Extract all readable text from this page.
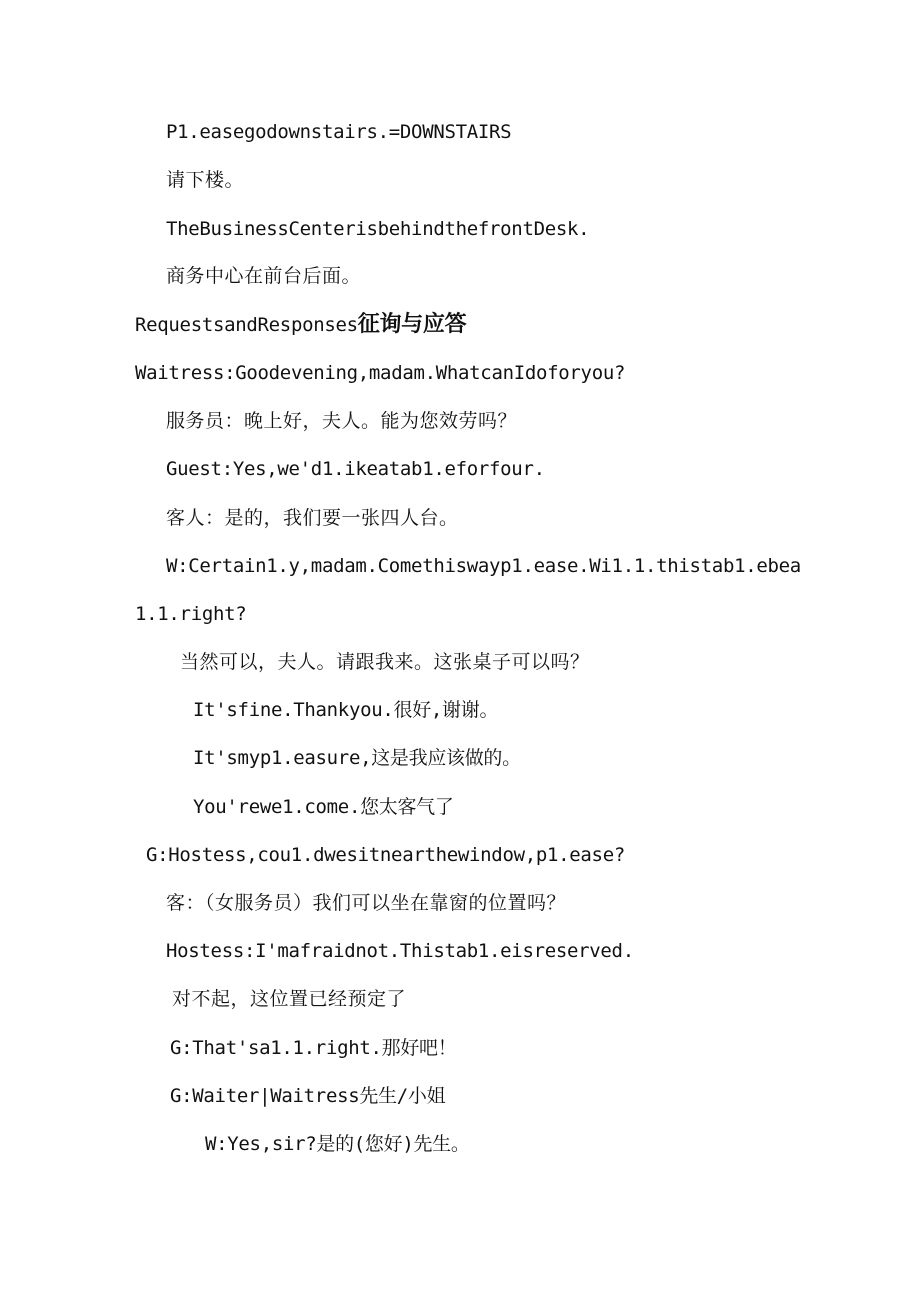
P1.easegodownstairs.=DOWNSTAIRS
请下楼。
TheBusinessCenterisbehindthefrontDesk.
商务中心在前台后面。
RequestsandResponses征询与应答
Waitress:Goodevening,madam.WhatcanIdoforyou?
服务员：晚上好，夫人。能为您效劳吗？
Guest:Yes,we'd1.ikeatab1.eforfour.
客人：是的，我们要一张四人台。
W:Certain1.y,madam.Comethiswayp1.ease.Wi1.1.thistab1.ebea
1.1.right?
当然可以，夫人。请跟我来。这张桌子可以吗？
It'sfine.Thankyou.很好,谢谢。
It'smyp1.easure,这是我应该做的。
You'rewe1.come.您太客气了
G:Hostess,cou1.dwesitnearthewindow,p1.ease?
客：（女服务员）我们可以坐在靠窗的位置吗？
Hostess:I'mafraidnot.Thistab1.eisreserved.
对不起，这位置已经预定了
G:That'sa1.1.right.那好吧！
G:Waiter|Waitress先生/小姐
W:Yes,sir?是的(您好)先生。
